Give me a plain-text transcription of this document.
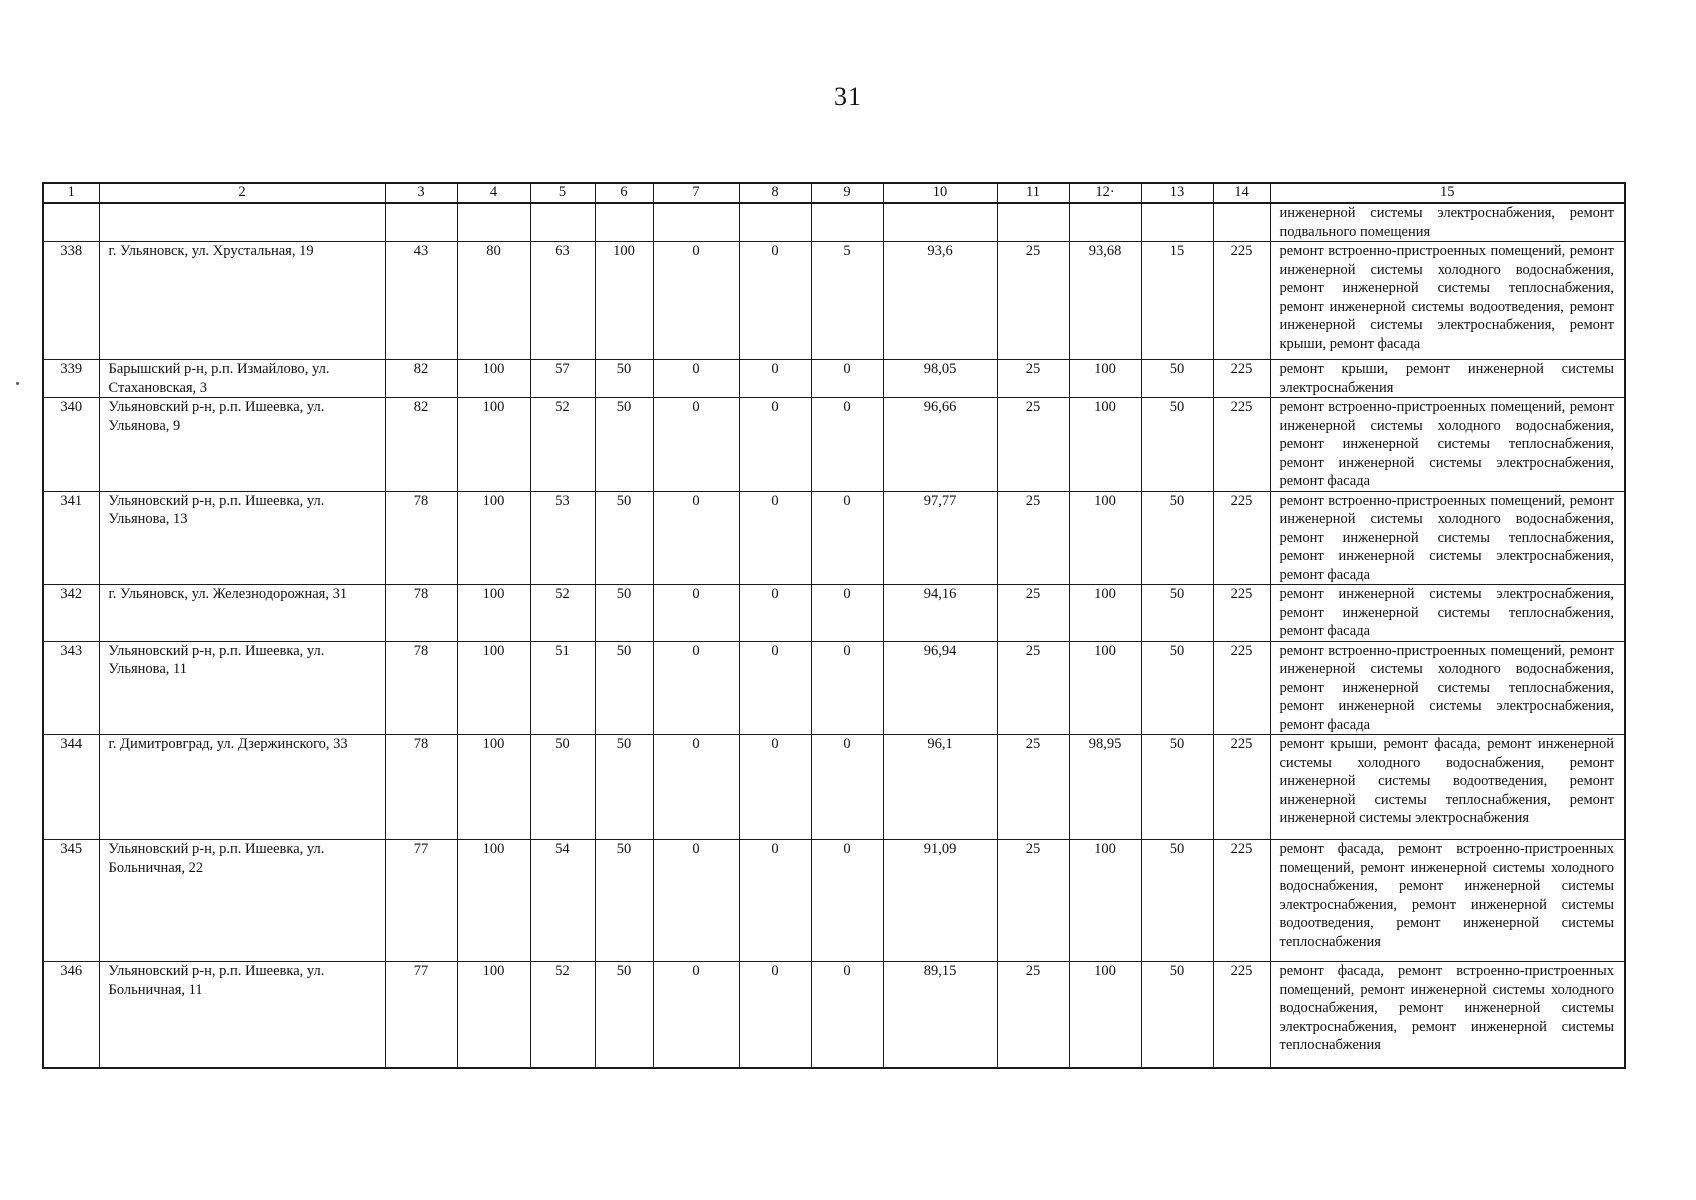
31
1	2	3	4	5	6	7	8	9	10	11	12·	13	14	15
														инженерной системы электроснабжения, ремонт подвального помещения
338	г. Ульяновск, ул. Хрустальная, 19	43	80	63	100	0	0	5	93,6	25	93,68	15	225	ремонт встроенно-пристроенных помещений, ремонт инженерной системы холодного водоснабжения, ремонт инженерной системы теплоснабжения, ремонт инженерной системы водоотведения, ремонт инженерной системы электроснабжения, ремонт крыши, ремонт фасада
339	Барышский р-н, р.п. Измайлово, ул. Стахановская, 3	82	100	57	50	0	0	0	98,05	25	100	50	225	ремонт крыши, ремонт инженерной системы электроснабжения
340	Ульяновский р-н, р.п. Ишеевка, ул. Ульянова, 9	82	100	52	50	0	0	0	96,66	25	100	50	225	ремонт встроенно-пристроенных помещений, ремонт инженерной системы холодного водоснабжения, ремонт инженерной системы теплоснабжения, ремонт инженерной системы электроснабжения, ремонт фасада
341	Ульяновский р-н, р.п. Ишеевка, ул. Ульянова, 13	78	100	53	50	0	0	0	97,77	25	100	50	225	ремонт встроенно-пристроенных помещений, ремонт инженерной системы холодного водоснабжения, ремонт инженерной системы теплоснабжения, ремонт инженерной системы электроснабжения, ремонт фасада
342	г. Ульяновск, ул. Железнодорожная, 31	78	100	52	50	0	0	0	94,16	25	100	50	225	ремонт инженерной системы электроснабжения, ремонт инженерной системы теплоснабжения, ремонт фасада
343	Ульяновский р-н, р.п. Ишеевка, ул. Ульянова, 11	78	100	51	50	0	0	0	96,94	25	100	50	225	ремонт встроенно-пристроенных помещений, ремонт инженерной системы холодного водоснабжения, ремонт инженерной системы теплоснабжения, ремонт инженерной системы электроснабжения, ремонт фасада
344	г. Димитровград, ул. Дзержинского, 33	78	100	50	50	0	0	0	96,1	25	98,95	50	225	ремонт крыши, ремонт фасада, ремонт инженерной системы холодного водоснабжения, ремонт инженерной системы водоотведения, ремонт инженерной системы теплоснабжения, ремонт инженерной системы электроснабжения
345	Ульяновский р-н, р.п. Ишеевка, ул. Больничная, 22	77	100	54	50	0	0	0	91,09	25	100	50	225	ремонт фасада, ремонт встроенно-пристроенных помещений, ремонт инженерной системы холодного водоснабжения, ремонт инженерной системы электроснабжения, ремонт инженерной системы водоотведения, ремонт инженерной системы теплоснабжения
346	Ульяновский р-н, р.п. Ишеевка, ул. Больничная, 11	77	100	52	50	0	0	0	89,15	25	100	50	225	ремонт фасада, ремонт встроенно-пристроенных помещений, ремонт инженерной системы холодного водоснабжения, ремонт инженерной системы электроснабжения, ремонт инженерной системы теплоснабжения
